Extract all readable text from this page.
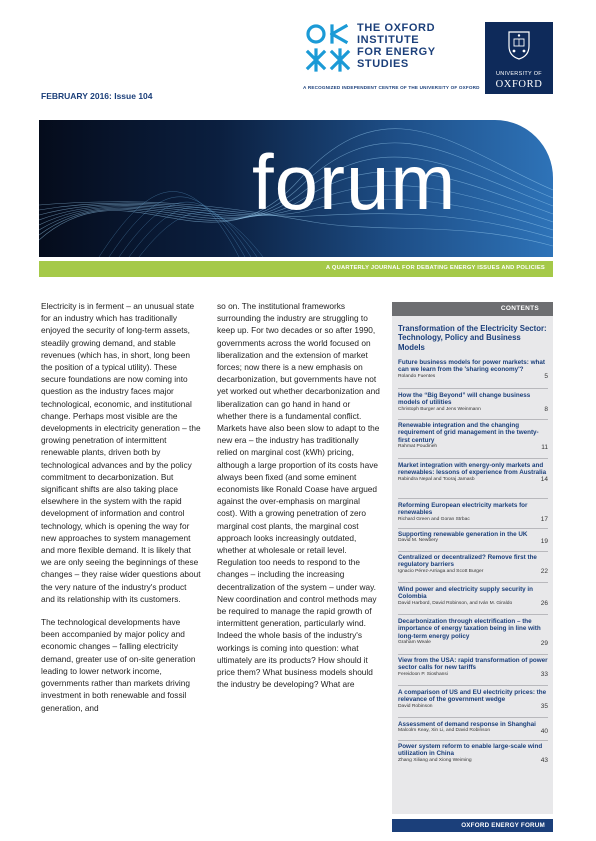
THE OXFORD
INSTITUTE
FOR ENERGY
STUDIES
A RECOGNIZED INDEPENDENT CENTRE OF THE UNIVERSITY OF OXFORD
UNIVERSITY OF
OXFORD
FEBRUARY 2016: Issue 104
forum
A QUARTERLY JOURNAL FOR DEBATING ENERGY ISSUES AND POLICIES

Electricity is in ferment – an unusual state for an industry which has traditionally enjoyed the security of long-term assets, steadily growing demand, and stable revenues (which has, in short, long been the position of a typical utility). These secure foundations are now coming into question as the industry faces major technological, economic, and institutional change. Perhaps most visible are the developments in electricity generation – the growing penetration of intermittent renewable plants, driven both by technological advances and by the policy commitment to decarbonization. But significant shifts are also taking place elsewhere in the system with the rapid development of information and control technology, which is opening the way for new approaches to system management and more flexible demand. It is likely that we are only seeing the beginnings of these changes – they raise wider questions about the very nature of the industry's product and its relationship with its customers.

The technological developments have been accompanied by major policy and economic changes – falling electricity demand, greater use of on-site generation leading to lower network income, governments rather than markets driving investment in both renewable and fossil generation, and

so on. The institutional frameworks surrounding the industry are struggling to keep up. For two decades or so after 1990, governments across the world focused on liberalization and the extension of market forces; now there is a new emphasis on decarbonization, but governments have not yet worked out whether decarbonization and liberalization can go hand in hand or whether there is a fundamental conflict. Markets have also been slow to adapt to the new era – the industry has traditionally relied on marginal cost (kWh) pricing, although a large proportion of its costs have always been fixed (and some eminent economists like Ronald Coase have argued against the over-emphasis on marginal cost). With a growing penetration of zero marginal cost plants, the marginal cost approach looks increasingly outdated, whether at wholesale or retail level. Regulation too needs to respond to the changes – including the increasing decentralization of the system – under way. New coordination and control methods may be required to manage the rapid growth of intermittent generation, particularly wind. Indeed the whole basis of the industry's workings is coming into question: what ultimately are its products? How should it price them? What business models should the industry be developing? What are

CONTENTS
Transformation of the Electricity Sector: Technology, Policy and Business Models
Future business models for power markets: what can we learn from the 'sharing economy'?
Rolando Fuentes	5
How the “Big Beyond” will change business models of utilities
Christoph Burger and Jens Weinmann	8
Renewable integration and the changing requirement of grid management in the twenty-first century
Rahmat Poudineh	11
Market integration with energy-only markets and renewables: lessons of experience from Australia
Rabindra Nepal and Tooraj Jamasb	14
Reforming European electricity markets for renewables
Richard Green and Goran Strbac	17
Supporting renewable generation in the UK
David M. Newbery	19
Centralized or decentralized? Remove first the regulatory barriers
Ignacio Pérez-Arriaga and Scott Burger	22
Wind power and electricity supply security in Colombia
David Harbord, David Robinson, and Iván M. Giraldo	26
Decarbonization through electrification – the importance of energy taxation being in line with long-term energy policy
Graham Weale	29
View from the USA: rapid transformation of power sector calls for new tariffs
Fereidoon P. Sioshansi	33
A comparison of US and EU electricity prices: the relevance of the government wedge
David Robinson	35
Assessment of demand response in Shanghai
Malcolm Keay, Xin Li, and David Robinson	40
Power system reform to enable large-scale wind utilization in China
Zhang Xiliang and Xiong Weiming	43
OXFORD ENERGY FORUM
